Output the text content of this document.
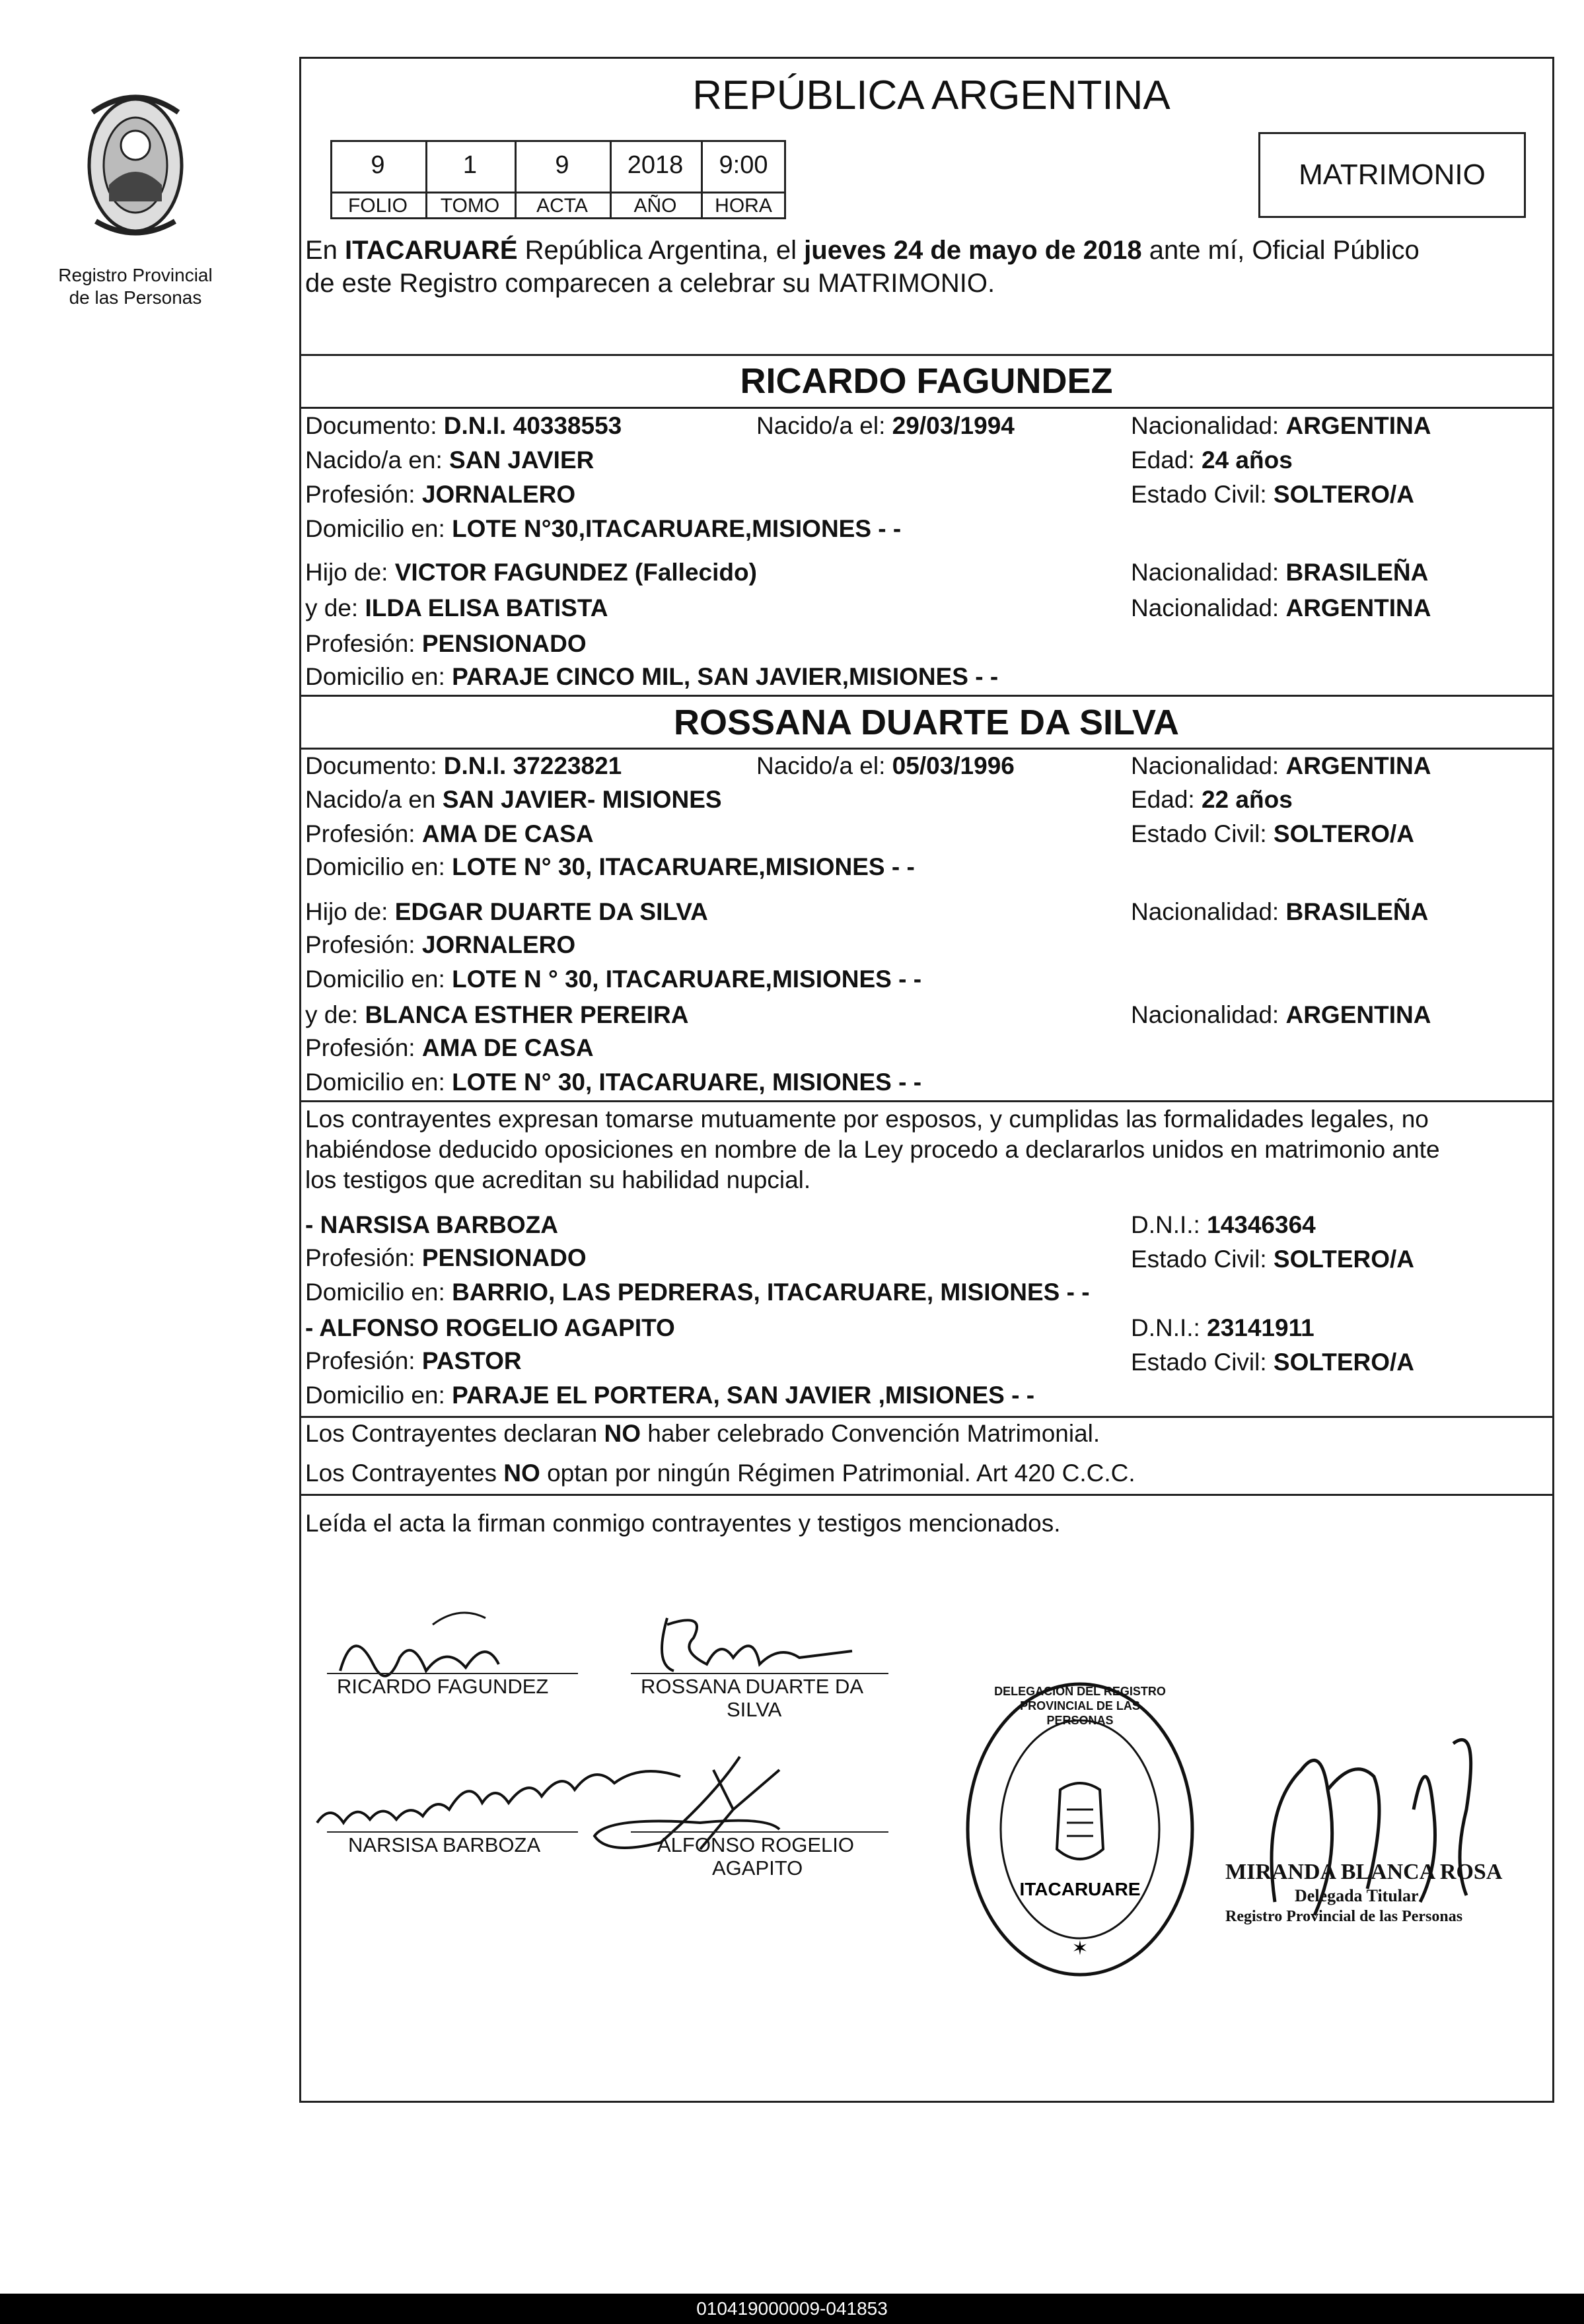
Registro Provincial
de las Personas
REPÚBLICA ARGENTINA
9	1	9	2018	9:00
FOLIO	TOMO	ACTA	AÑO	HORA
MATRIMONIO
En ITACARUARÉ República Argentina, el jueves 24 de mayo de 2018 ante mí, Oficial Público
de este Registro comparecen a celebrar su MATRIMONIO.
RICARDO FAGUNDEZ
Documento: D.N.I. 40338553	Nacido/a el: 29/03/1994	Nacionalidad: ARGENTINA
Nacido/a en: SAN JAVIER	Edad: 24 años
Profesión: JORNALERO	Estado Civil: SOLTERO/A
Domicilio en: LOTE N°30,ITACARUARE,MISIONES - -
Hijo de: VICTOR FAGUNDEZ (Fallecido)	Nacionalidad: BRASILEÑA
y de: ILDA ELISA BATISTA	Nacionalidad: ARGENTINA
Profesión: PENSIONADO
Domicilio en: PARAJE CINCO MIL, SAN JAVIER,MISIONES - -
ROSSANA DUARTE DA SILVA
Documento: D.N.I. 37223821	Nacido/a el: 05/03/1996	Nacionalidad: ARGENTINA
Nacido/a en SAN JAVIER- MISIONES	Edad: 22 años
Profesión: AMA DE CASA	Estado Civil: SOLTERO/A
Domicilio en: LOTE N° 30, ITACARUARE,MISIONES - -
Hijo de: EDGAR DUARTE DA SILVA	Nacionalidad: BRASILEÑA
Profesión: JORNALERO
Domicilio en: LOTE N ° 30, ITACARUARE,MISIONES - -
y de: BLANCA ESTHER PEREIRA	Nacionalidad: ARGENTINA
Profesión: AMA DE CASA
Domicilio en: LOTE N° 30, ITACARUARE, MISIONES - -
Los contrayentes expresan tomarse mutuamente por esposos, y cumplidas las formalidades legales, no
habiéndose deducido oposiciones en nombre de la Ley procedo a declararlos unidos en matrimonio ante
los testigos que acreditan su habilidad nupcial.
- NARSISA BARBOZA	D.N.I.: 14346364
Profesión: PENSIONADO	Estado Civil: SOLTERO/A
Domicilio en: BARRIO, LAS PEDRERAS, ITACARUARE, MISIONES - -
- ALFONSO ROGELIO AGAPITO	D.N.I.: 23141911
Profesión: PASTOR	Estado Civil: SOLTERO/A
Domicilio en: PARAJE EL PORTERA, SAN JAVIER ,MISIONES - -
Los Contrayentes declaran NO haber celebrado Convención Matrimonial.
Los Contrayentes NO optan por ningún Régimen Patrimonial. Art 420 C.C.C.
Leída el acta la firman conmigo contrayentes y testigos mencionados.
RICARDO FAGUNDEZ	ROSSANA DUARTE DA
SILVA
NARSISA BARBOZA	ALFONSO ROGELIO
AGAPITO
ITACARUARE
✶
DELEGACION DEL REGISTRO PROVINCIAL DE LAS PERSONAS
MIRANDA BLANCA ROSA
Delegada Titular
Registro Provincial de las Personas
010419000009-041853
